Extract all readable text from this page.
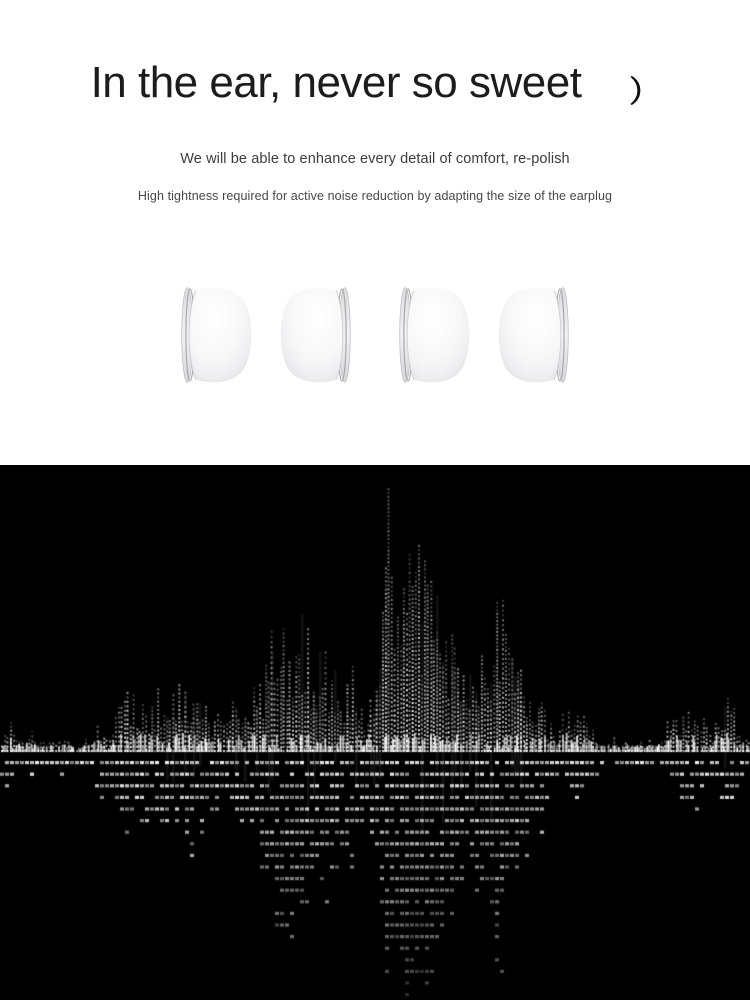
In the ear, never so sweet ）

We will be able to enhance every detail of comfort, re-polish

High tightness required for active noise reduction by adapting the size of the earplug
